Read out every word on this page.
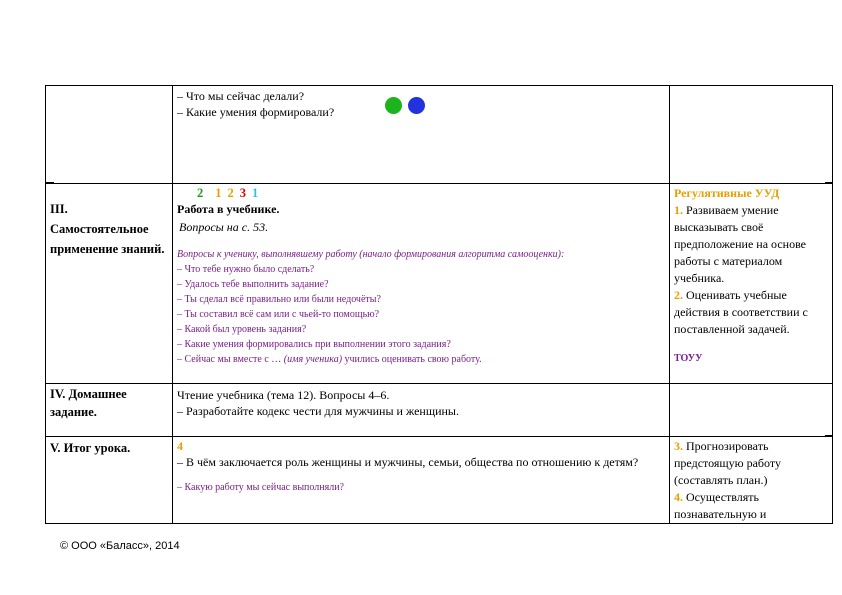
– Что мы сейчас делали?
– Какие умения формировали?
III. Самостоятельное применение знаний.
2 1 2 3 1
Работа в учебнике.
Вопросы на с. 53.
Вопросы к ученику, выполнявшему работу (начало формирования алгоритма самооценки):
– Что тебе нужно было сделать?
– Удалось тебе выполнить задание?
– Ты сделал всё правильно или были недочёты?
– Ты составил всё сам или с чьей-то помощью?
– Какой был уровень задания?
– Какие умения формировались при выполнении этого задания?
– Сейчас мы вместе с … (имя ученика) учились оценивать свою работу.
Регулятивные УУД
1. Развиваем умение высказывать своё предположение на основе работы с материалом учебника.
2. Оценивать учебные действия в соответствии с поставленной задачей.
ТОУУ
IV. Домашнее задание.
Чтение учебника (тема 12). Вопросы 4–6.
– Разработайте кодекс чести для мужчины и женщины.
V. Итог урока.	4
– В чём заключается роль женщины и мужчины, семьи, общества по отношению к детям?
– Какую работу мы сейчас выполняли?
3. Прогнозировать предстоящую работу (составлять план.)
4. Осуществлять познавательную и
© ООО «Баласс», 2014
